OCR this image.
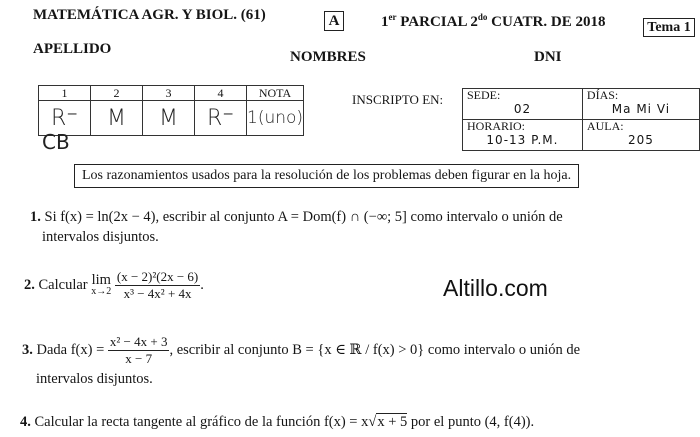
MATEMÁTICA AGR. Y BIOL. (61)	A	1er PARCIAL $2^{do}$ CUATR. DE 2018	Tema 1
APELLIDO	NOMBRES	DNI
1	2	3	4	NOTA
R⁻	M	M	R⁻	1(uno)
CB
INSCRIPTO EN: SEDE:
02	DÍAS:
Ma Mi Vi

HORARIO:
10-13 P.M.	AULA:
205
Los razonamientos usados para la resolución de los problemas deben figurar en la hoja.
1. Si f(x) = ln(2x − 4), escribir al conjunto A = Dom(f) ∩ (−∞; 5] como intervalo o unión de
intervalos disjuntos.
2. Calcular lim
x→2
$\frac{\text{(x − 2)²(2x − 6)}}{\text{x³ − 4x² + 4x}}$ .	Altillo.com
3. Dada $f(x) = \frac{\text{x² − 4x + 3}}{x - 7}$ , escribir al conjunto B = {x ∈ ℝ / f(x) > 0} como intervalo o unión de
intervalos disjuntos.
4. Calcular la recta tangente al gráfico de la función f(x) = x√x + 5 por el punto (4, f(4)).
